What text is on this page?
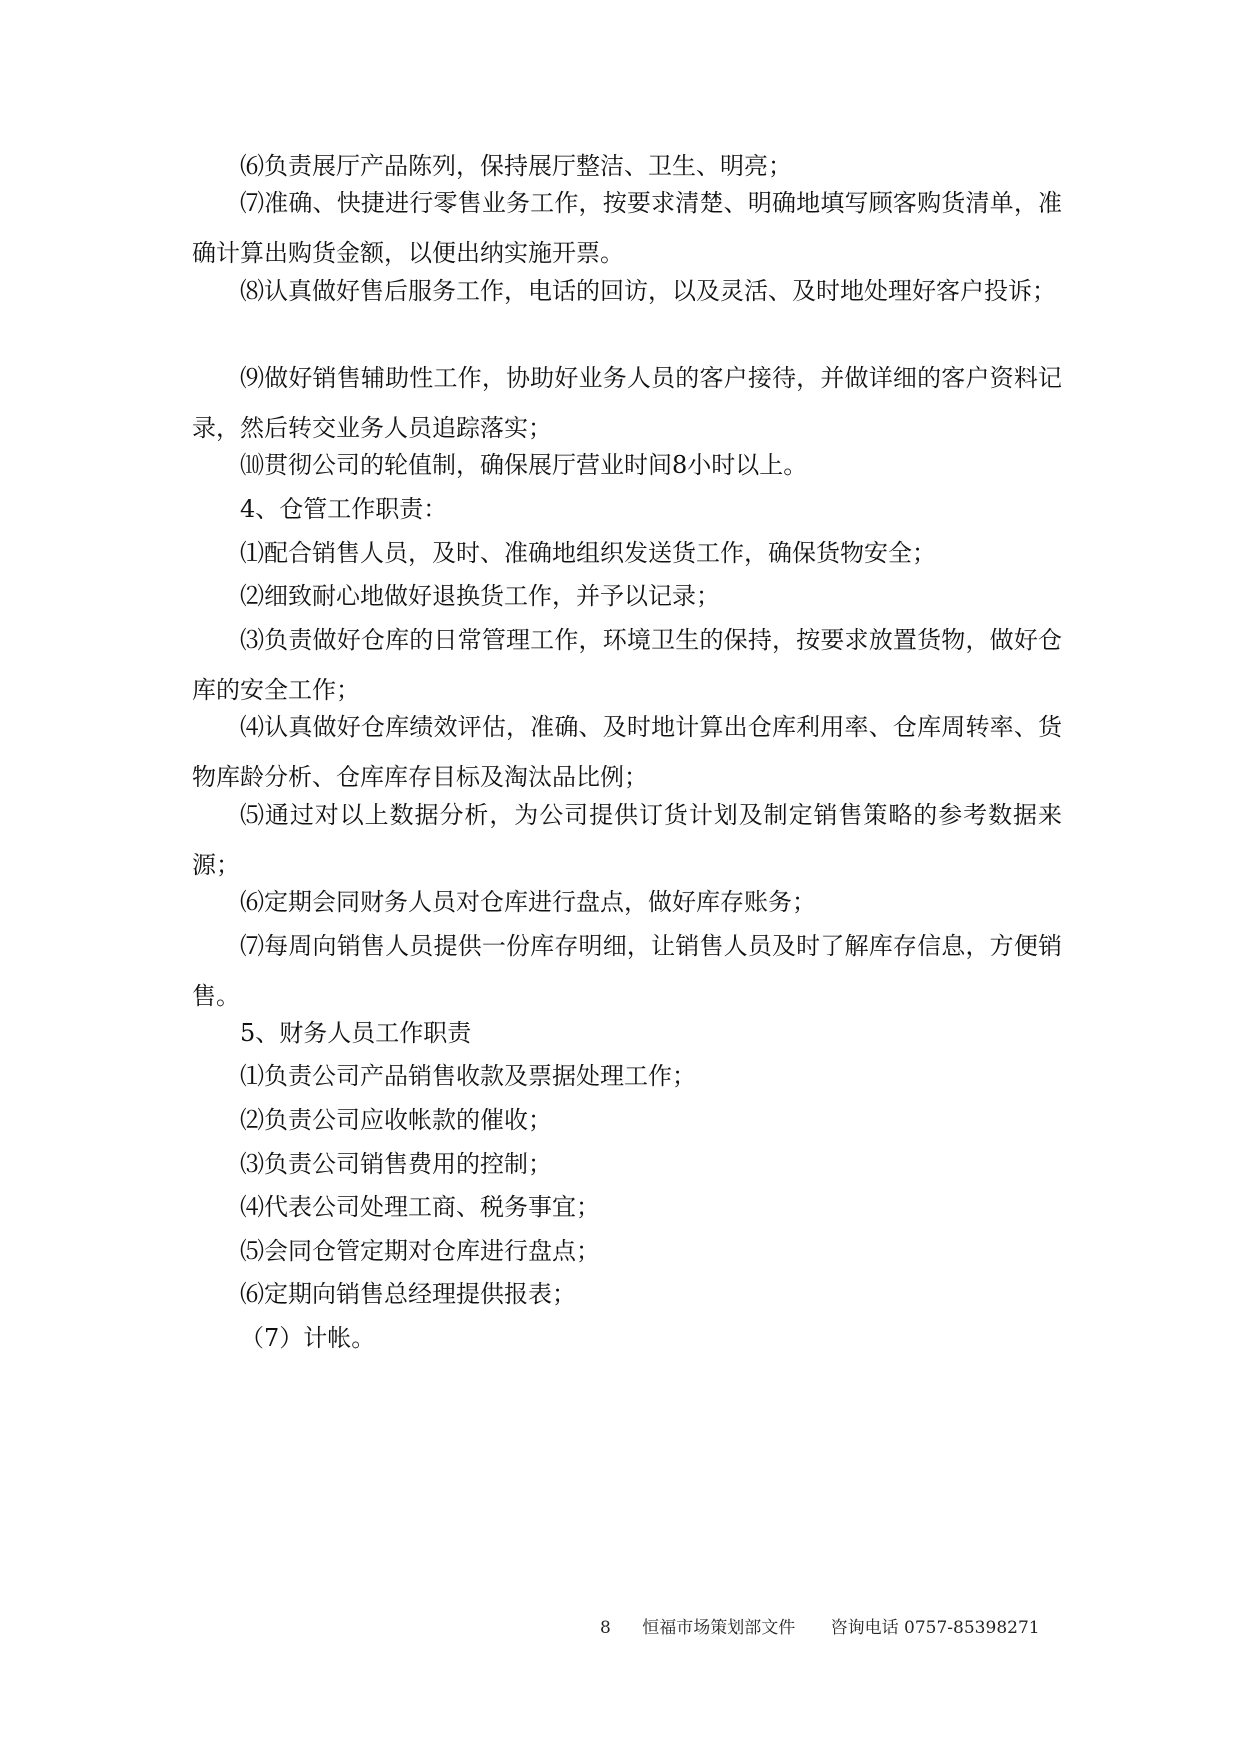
⑹负责展厅产品陈列，保持展厅整洁、卫生、明亮；

⑺准确、快捷进行零售业务工作，按要求清楚、明确地填写顾客购货清单，准确计算出购货金额，以便出纳实施开票。

⑻认真做好售后服务工作，电话的回访，以及灵活、及时地处理好客户投诉；

⑼做好销售辅助性工作，协助好业务人员的客户接待，并做详细的客户资料记录，然后转交业务人员追踪落实；

⑽贯彻公司的轮值制，确保展厅营业时间8小时以上。

4、仓管工作职责：

⑴配合销售人员，及时、准确地组织发送货工作，确保货物安全；

⑵细致耐心地做好退换货工作，并予以记录；

⑶负责做好仓库的日常管理工作，环境卫生的保持，按要求放置货物，做好仓库的安全工作；

⑷认真做好仓库绩效评估，准确、及时地计算出仓库利用率、仓库周转率、货物库龄分析、仓库库存目标及淘汰品比例；

⑸通过对以上数据分析，为公司提供订货计划及制定销售策略的参考数据来源；

⑹定期会同财务人员对仓库进行盘点，做好库存账务；

⑺每周向销售人员提供一份库存明细，让销售人员及时了解库存信息，方便销售。

5、财务人员工作职责

⑴负责公司产品销售收款及票据处理工作；

⑵负责公司应收帐款的催收；

⑶负责公司销售费用的控制；

⑷代表公司处理工商、税务事宜；

⑸会同仓管定期对仓库进行盘点；

⑹定期向销售总经理提供报表；

（7）计帐。

8 恒福市场策划部文件 咨询电话 0757-85398271
